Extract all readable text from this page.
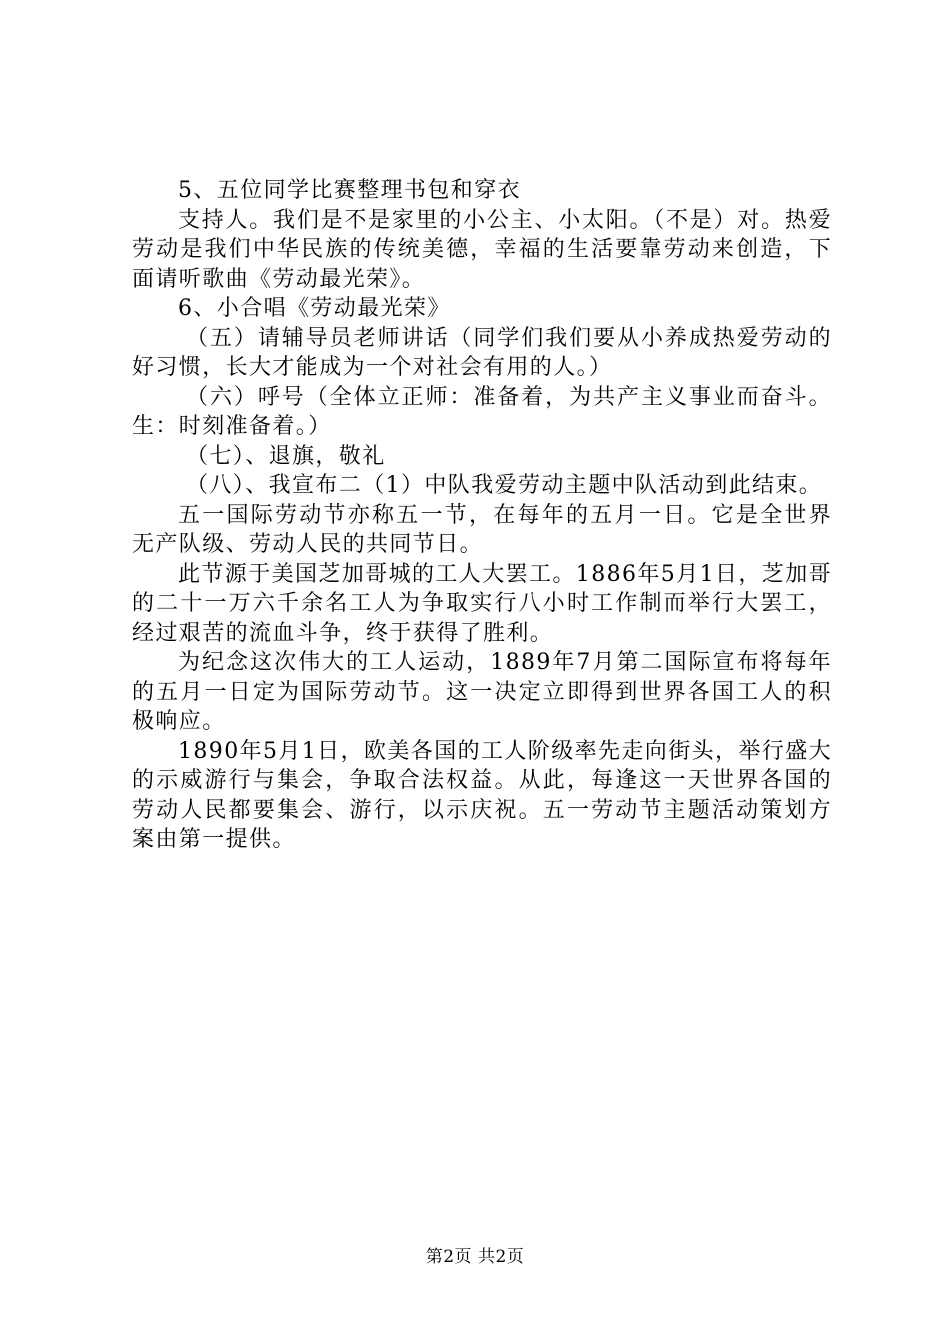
5、五位同学比赛整理书包和穿衣

支持人。我们是不是家里的小公主、小太阳。（不是）对。热爱劳动是我们中华民族的传统美德，幸福的生活要靠劳动来创造，下面请听歌曲《劳动最光荣》。

6、小合唱《劳动最光荣》

（五）请辅导员老师讲话（同学们我们要从小养成热爱劳动的好习惯，长大才能成为一个对社会有用的人。）

（六）呼号（全体立正师：准备着，为共产主义事业而奋斗。生：时刻准备着。）

（七）、退旗，敬礼

（八）、我宣布二（1）中队我爱劳动主题中队活动到此结束。

五一国际劳动节亦称五一节，在每年的五月一日。它是全世界无产队级、劳动人民的共同节日。

此节源于美国芝加哥城的工人大罢工。1886年5月1日，芝加哥的二十一万六千余名工人为争取实行八小时工作制而举行大罢工，经过艰苦的流血斗争，终于获得了胜利。

为纪念这次伟大的工人运动，1889年7月第二国际宣布将每年的五月一日定为国际劳动节。这一决定立即得到世界各国工人的积极响应。

1890年5月1日，欧美各国的工人阶级率先走向街头，举行盛大的示威游行与集会，争取合法权益。从此，每逢这一天世界各国的劳动人民都要集会、游行，以示庆祝。五一劳动节主题活动策划方案由第一提供。

第2页 共2页
